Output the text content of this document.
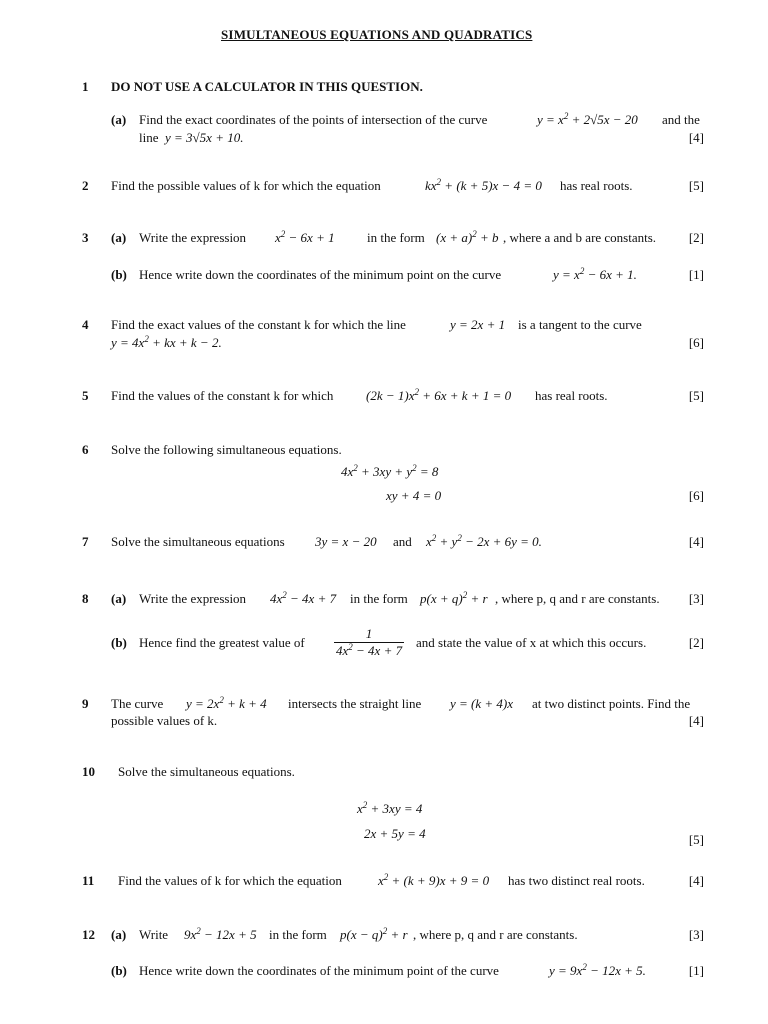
SIMULTANEOUS EQUATIONS AND QUADRATICS
1	DO NOT USE A CALCULATOR IN THIS QUESTION.
(a) Find the exact coordinates of the points of intersection of the curve	$y = x^2 + 2√5x - 20$ and the
line y = 3√5x + 10.	[4]
2	Find the possible values of k for which the equation	$kx^2 + (k + 5)x - 4 = 0$ has real roots.	[5]
3	(a) Write the expression $x^2 - 6x + 1$ in the form $(x + a)^2 + b$ , where a and b are constants.	[2]
(b) Hence write down the coordinates of the minimum point on the curve	$y = x^2 - 6x + 1$.	[1]
4	Find the exact values of the constant k for which the line	y = 2x + 1 is a tangent to the curve
$y = 4x^2$ + kx + k − 2.	[6]
5	Find the values of the constant k for which	$(2k - 1)x^2 + 6x + k + 1 = 0$ has real roots.	[5]
6	Solve the following simultaneous equations.
$4x^2 + 3xy + y^2 = 8$
xy + 4 = 0	[6]
7	Solve the simultaneous equations 3y = x − 20 and $x^2 + y^2 - 2x + 6y = 0$.	[4]
8	(a) Write the expression $4x^2 - 4x + 7$ in the form $p(x + q)^2 + r$ , where p, q and r are constants. [3]
(b) Hence find the greatest value of $\frac{1}{4x^2 - 4x + 7}$ and state the value of x at which this occurs.	[2]
9	The curve $y = 2x^2 + k + 4$ intersects the straight line y = (k + 4)x at two distinct points. Find the
possible values of k.	[4]
10	Solve the simultaneous equations.
$x^2 + 3xy = 4$
2x + 5y = 4	[5]
11	Find the values of k for which the equation	$x^2 + (k + 9)x + 9 = 0$ has two distinct real roots.	[4]
12	(a) Write $9x^2 - 12x + 5$ in the form $p(x - q)^2 + r$ , where p, q and r are constants.	[3]
(b) Hence write down the coordinates of the minimum point of the curve	$y = 9x^2 - 12x + 5$.	[1]
